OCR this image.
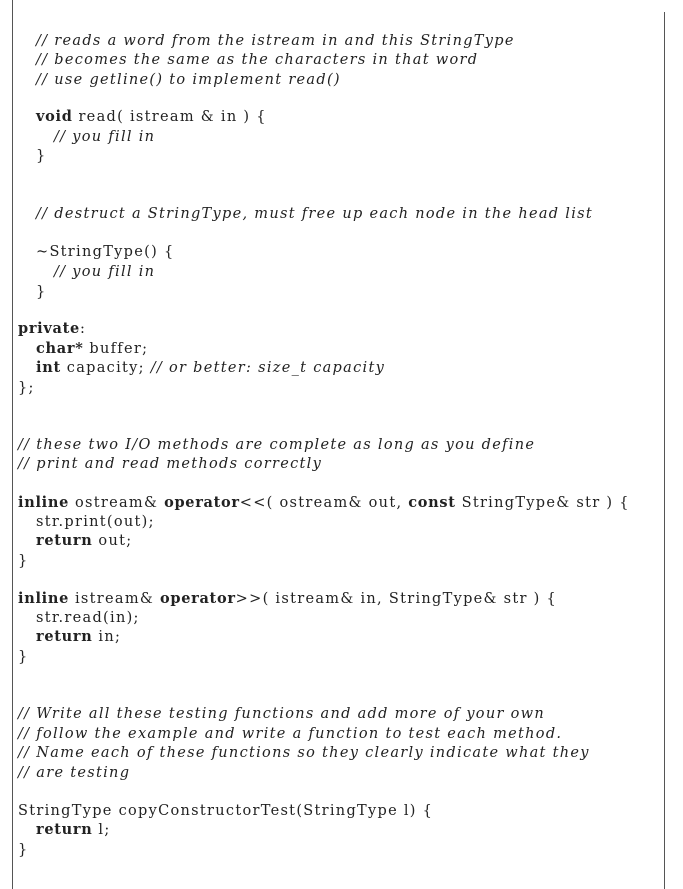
// reads a word from the istream in and this StringType
// becomes the same as the characters in that word
// use getline() to implement read()
void read( istream & in ) {
// you fill in
}
// destruct a StringType, must free up each node in the head list
~StringType() {
// you fill in
}
private:
char* buffer;
int capacity; // or better: size_t capacity
};
// these two I/O methods are complete as long as you define
// print and read methods correctly
inline ostream& operator<<( ostream& out, const StringType& str ) {
str.print(out);
return out;
}
inline istream& operator>>( istream& in, StringType& str ) {
str.read(in);
return in;
}
// Write all these testing functions and add more of your own
// follow the example and write a function to test each method.
// Name each of these functions so they clearly indicate what they
// are testing
StringType copyConstructorTest(StringType l) {
return l;
}
